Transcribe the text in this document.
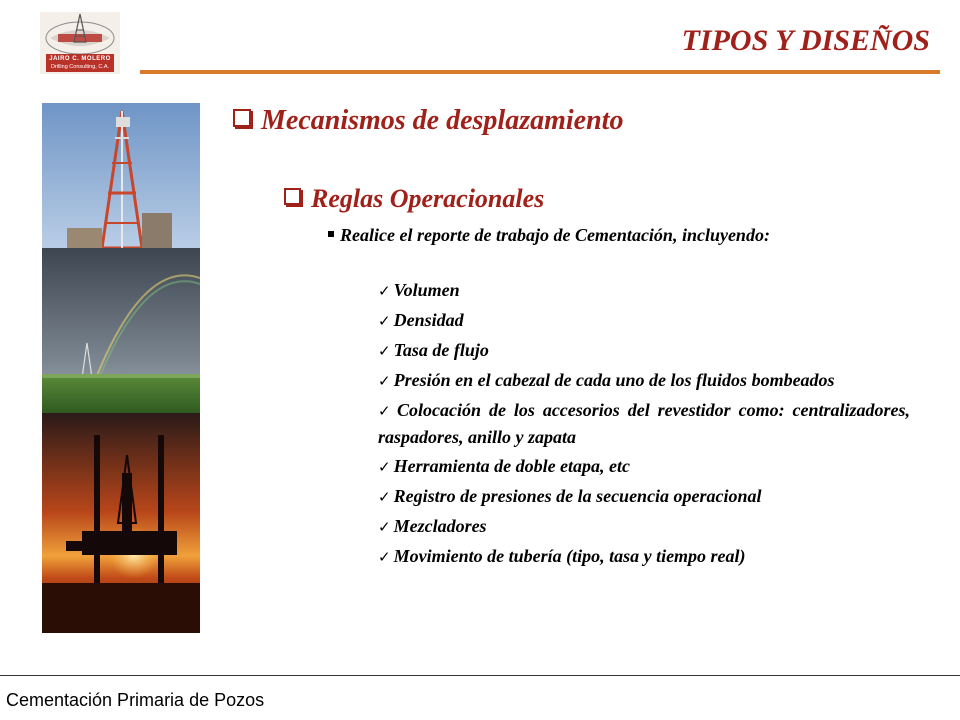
JAIRO C. MOLERO
Drilling Consulting, C.A.
TIPOS Y DISEÑOS
Mecanismos de desplazamiento
Reglas Operacionales
Realice el reporte de trabajo de Cementación, incluyendo:
✓ Volumen
✓ Densidad
✓ Tasa de flujo
✓ Presión en el cabezal de cada uno de los fluidos bombeados
✓ Colocación de los accesorios del revestidor como: centralizadores, raspadores, anillo y zapata
✓ Herramienta de doble etapa, etc
✓ Registro de presiones de la secuencia operacional
✓ Mezcladores
✓ Movimiento de tubería (tipo, tasa y tiempo real)
Cementación Primaria de Pozos
